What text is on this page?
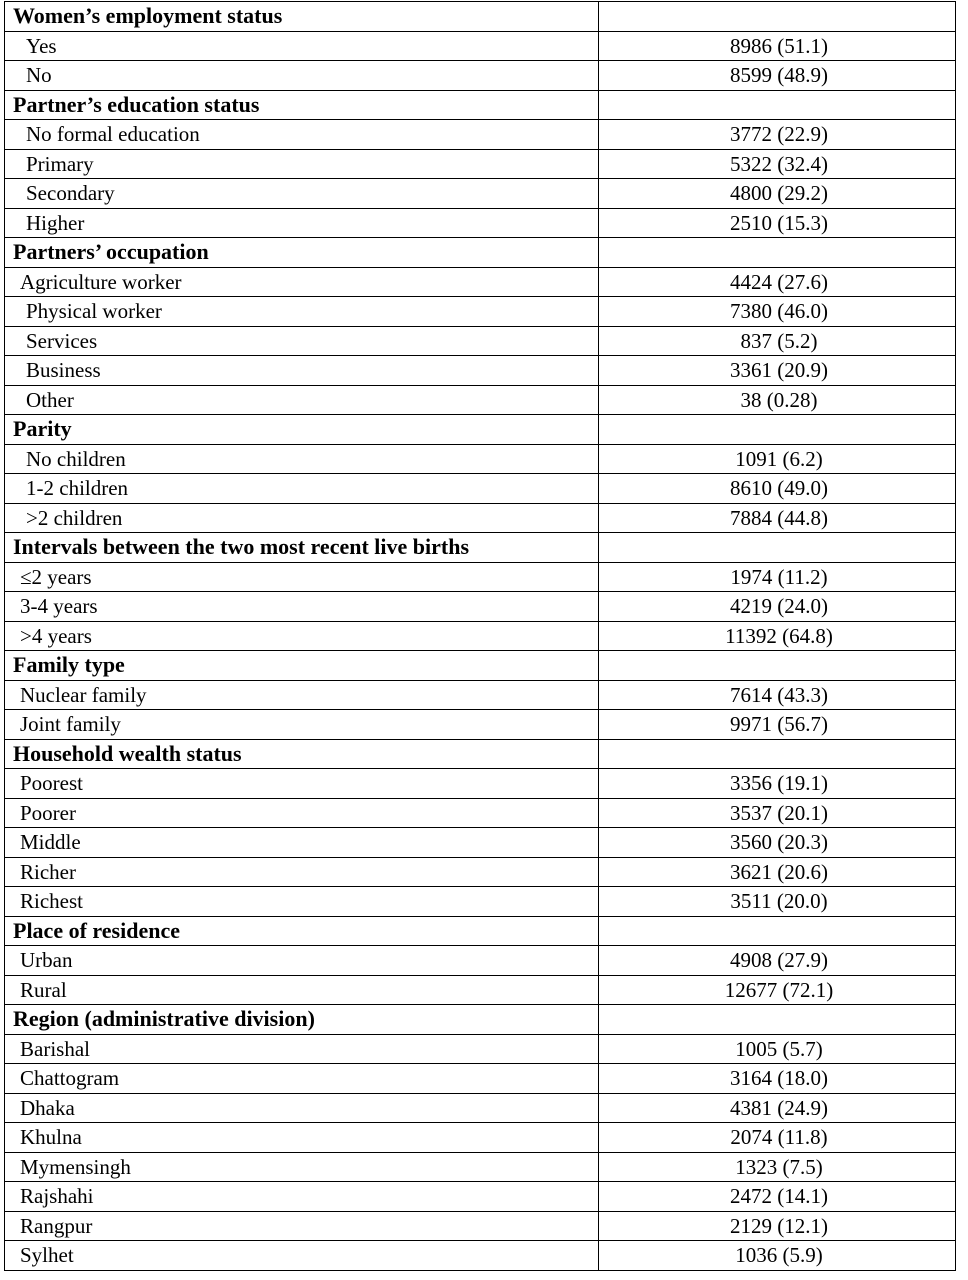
Women’s employment status	
Yes	8986 (51.1)
No	8599 (48.9)
Partner’s education status	
No formal education	3772 (22.9)
Primary	5322 (32.4)
Secondary	4800 (29.2)
Higher	2510 (15.3)
Partners’ occupation	
Agriculture worker	4424 (27.6)
Physical worker	7380 (46.0)
Services	837 (5.2)
Business	3361 (20.9)
Other	38 (0.28)
Parity	
No children	1091 (6.2)
1-2 children	8610 (49.0)
>2 children	7884 (44.8)
Intervals between the two most recent live births	
≤2 years	1974 (11.2)
3-4 years	4219 (24.0)
>4 years	11392 (64.8)
Family type	
Nuclear family	7614 (43.3)
Joint family	9971 (56.7)
Household wealth status	
Poorest	3356 (19.1)
Poorer	3537 (20.1)
Middle	3560 (20.3)
Richer	3621 (20.6)
Richest	3511 (20.0)
Place of residence	
Urban	4908 (27.9)
Rural	12677 (72.1)
Region (administrative division)	
Barishal	1005 (5.7)
Chattogram	3164 (18.0)
Dhaka	4381 (24.9)
Khulna	2074 (11.8)
Mymensingh	1323 (7.5)
Rajshahi	2472 (14.1)
Rangpur	2129 (12.1)
Sylhet	1036 (5.9)
